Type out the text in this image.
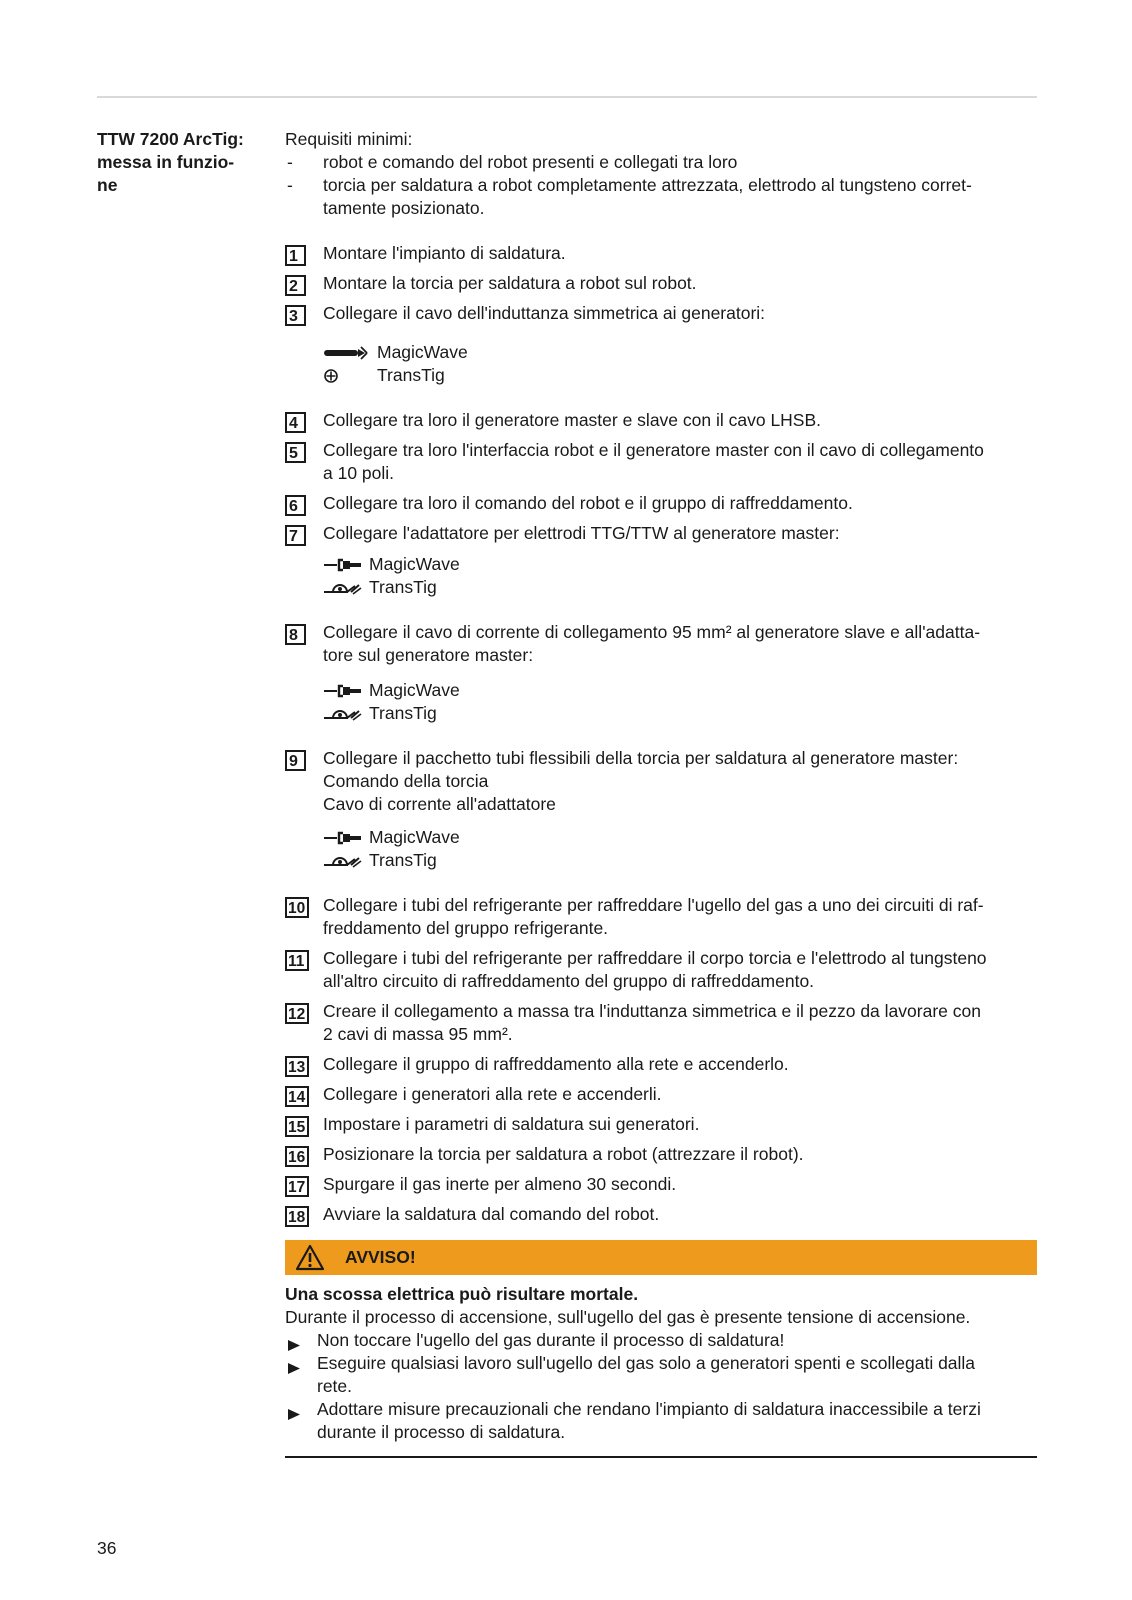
TTW 7200 ArcTig:
messa in funzio-
ne

Requisiti minimi:

- robot e comando del robot presenti e collegati tra loro
- torcia per saldatura a robot completamente attrezzata, elettrodo al tungsteno corret-
tamente posizionato.
1	Montare l'impianto di saldatura.
2	Montare la torcia per saldatura a robot sul robot.
3	Collegare il cavo dell'induttanza simmetrica ai generatori:
MagicWave
TransTig
4	Collegare tra loro il generatore master e slave con il cavo LHSB.
5	Collegare tra loro l'interfaccia robot e il generatore master con il cavo di collegamento
a 10 poli.
6	Collegare tra loro il comando del robot e il gruppo di raffreddamento.
7	Collegare l'adattatore per elettrodi TTG/TTW al generatore master:
MagicWave
TransTig
8	Collegare il cavo di corrente di collegamento 95 mm² al generatore slave e all'adatta-
tore sul generatore master:
MagicWave
TransTig
9	Collegare il pacchetto tubi flessibili della torcia per saldatura al generatore master:
Comando della torcia
Cavo di corrente all'adattatore
MagicWave
TransTig
10 Collegare i tubi del refrigerante per raffreddare l'ugello del gas a uno dei circuiti di raf-
freddamento del gruppo refrigerante.
11 Collegare i tubi del refrigerante per raffreddare il corpo torcia e l'elettrodo al tungsteno
all'altro circuito di raffreddamento del gruppo di raffreddamento.
12 Creare il collegamento a massa tra l'induttanza simmetrica e il pezzo da lavorare con
2 cavi di massa 95 mm².
13 Collegare il gruppo di raffreddamento alla rete e accenderlo.
14 Collegare i generatori alla rete e accenderli.
15 Impostare i parametri di saldatura sui generatori.
16 Posizionare la torcia per saldatura a robot (attrezzare il robot).
17 Spurgare il gas inerte per almeno 30 secondi.
18 Avviare la saldatura dal comando del robot.
AVVISO!
Una scossa elettrica può risultare mortale.
Durante il processo di accensione, sull'ugello del gas è presente tensione di accensione.
Non toccare l'ugello del gas durante il processo di saldatura!
Eseguire qualsiasi lavoro sull'ugello del gas solo a generatori spenti e scollegati dalla
rete.
Adottare misure precauzionali che rendano l'impianto di saldatura inaccessibile a terzi
durante il processo di saldatura.
36
